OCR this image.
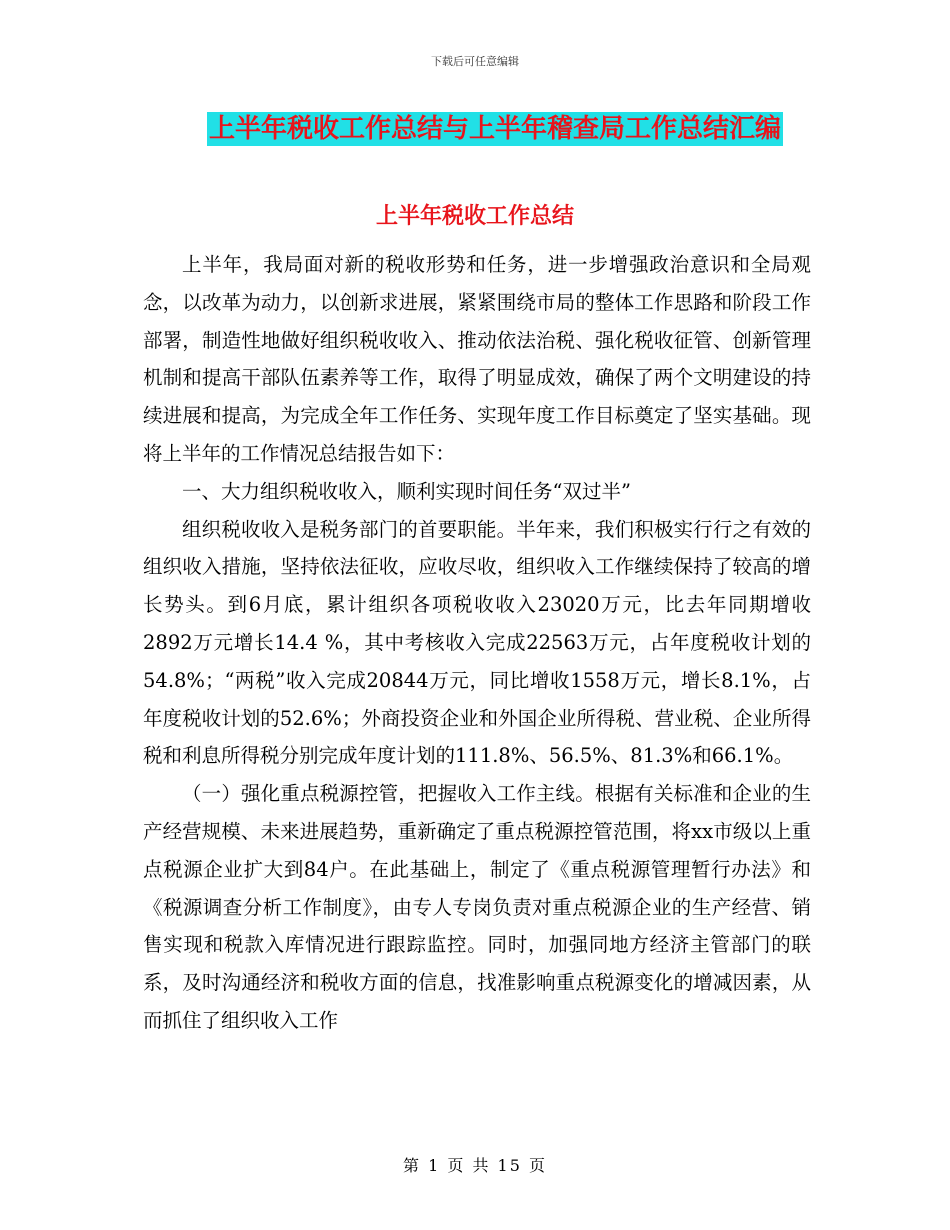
下载后可任意编辑
上半年税收工作总结与上半年稽查局工作总结汇编
上半年税收工作总结

上半年，我局面对新的税收形势和任务，进一步增强政治意识和全局观念，以改革为动力，以创新求进展，紧紧围绕市局的整体工作思路和阶段工作部署，制造性地做好组织税收收入、推动依法治税、强化税收征管、创新管理机制和提高干部队伍素养等工作，取得了明显成效，确保了两个文明建设的持续进展和提高，为完成全年工作任务、实现年度工作目标奠定了坚实基础。现将上半年的工作情况总结报告如下：

一、大力组织税收收入，顺利实现时间任务“双过半”

组织税收收入是税务部门的首要职能。半年来，我们积极实行行之有效的组织收入措施，坚持依法征收，应收尽收，组织收入工作继续保持了较高的增长势头。到6月底，累计组织各项税收收入23020万元，比去年同期增收2892万元增长14.4 %，其中考核收入完成22563万元，占年度税收计划的54.8%；“两税”收入完成20844万元，同比增收1558万元，增长8.1%，占年度税收计划的52.6%；外商投资企业和外国企业所得税、营业税、企业所得税和利息所得税分别完成年度计划的111.8%、56.5%、81.3%和66.1%。

（一）强化重点税源控管，把握收入工作主线。根据有关标准和企业的生产经营规模、未来进展趋势，重新确定了重点税源控管范围，将xx市级以上重点税源企业扩大到84户。在此基础上，制定了《重点税源管理暂行办法》和《税源调查分析工作制度》，由专人专岗负责对重点税源企业的生产经营、销售实现和税款入库情况进行跟踪监控。同时，加强同地方经济主管部门的联系，及时沟通经济和税收方面的信息，找准影响重点税源变化的增减因素，从而抓住了组织收入工作

第 1 页 共 15 页
